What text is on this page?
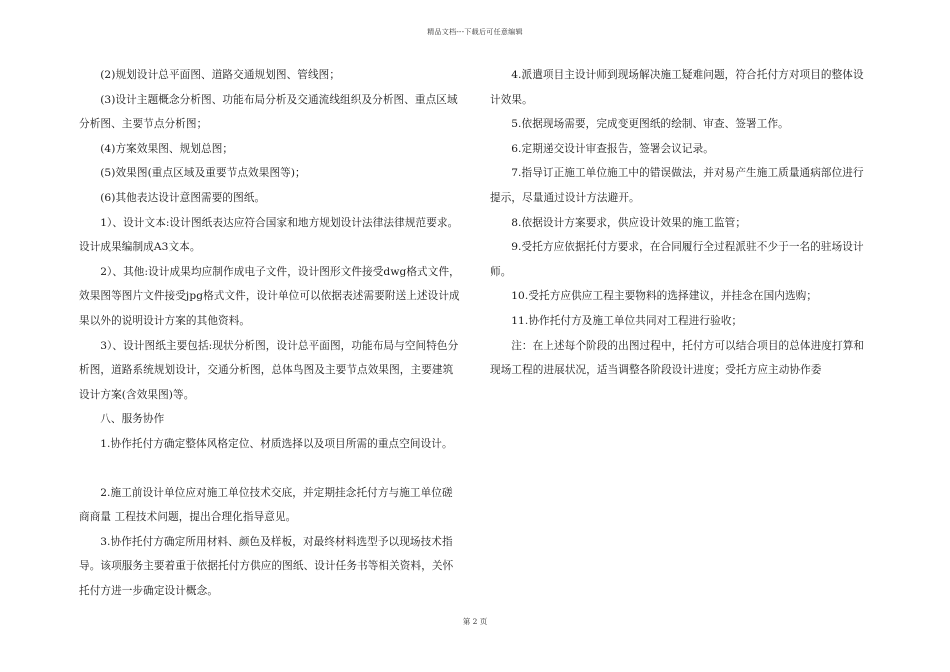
精品文档---下载后可任意编辑

(2)规划设计总平面图、道路交通规划图、管线图；

(3)设计主题概念分析图、功能布局分析及交通流线组织及分析图、重点区域分析图、主要节点分析图；

(4)方案效果图、规划总图；

(5)效果图(重点区域及重要节点效果图等)；

(6)其他表达设计意图需要的图纸。

1）、设计文本:设计图纸表达应符合国家和地方规划设计法律法律规范要求。设计成果编制成A3文本。

2）、其他:设计成果均应制作成电子文件，设计图形文件接受dwg格式文件，效果图等图片文件接受jpg格式文件，设计单位可以依据表述需要附送上述设计成果以外的说明设计方案的其他资料。

3）、设计图纸主要包括:现状分析图，设计总平面图，功能布局与空间特色分析图，道路系统规划设计，交通分析图，总体鸟图及主要节点效果图，主要建筑设计方案(含效果图)等。

八、服务协作

1.协作托付方确定整体风格定位、材质选择以及项目所需的重点空间设计。

2.施工前设计单位应对施工单位技术交底，并定期挂念托付方与施工单位磋商商量 工程技术问题，提出合理化指导意见。

3.协作托付方确定所用材料、颜色及样板，对最终材料选型予以现场技术指导。该项服务主要着重于依据托付方供应的图纸、设计任务书等相关资料，关怀托付方进一步确定设计概念。

4.派遣项目主设计师到现场解决施工疑难问题，符合托付方对项目的整体设计效果。

5.依据现场需要，完成变更图纸的绘制、审查、签署工作。

6.定期递交设计审查报告，签署会议记录。

7.指导订正施工单位施工中的错误做法，并对易产生施工质量通病部位进行提示，尽量通过设计方法避开。

8.依据设计方案要求，供应设计效果的施工监管；

9.受托方应依据托付方要求，在合同履行全过程派驻不少于一名的驻场设计师。

10.受托方应供应工程主要物料的选择建议，并挂念在国内选购；

11.协作托付方及施工单位共同对工程进行验收；

注：在上述每个阶段的出图过程中，托付方可以结合项目的总体进度打算和现场工程的进展状况，适当调整各阶段设计进度；受托方应主动协作委

第 2 页
